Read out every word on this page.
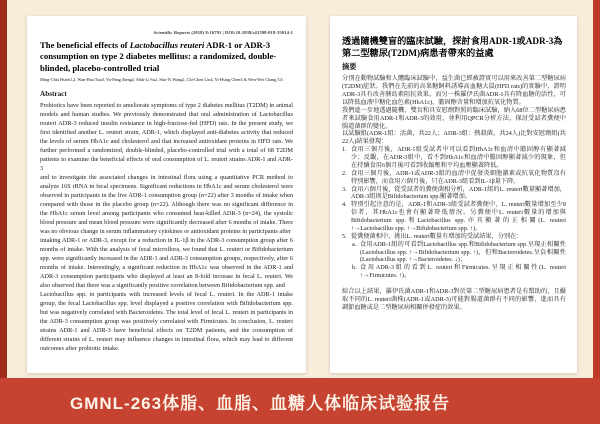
Scientific Reports (2018) 8:16791 | DOI:10.1038/s41598-018-35014-1
The beneficial effects of Lactobacillus reuteri ADR-1 or ADR-3 consumption on type 2 diabetes mellitus: a randomized, double-blinded, placebo-controlled trial
Ming-Chia Hsieh1,2, Wan-Hua Tsai3, Yu-Pang Jheng2, Shih-Li Su2, Shu-Yi Wang2, Chi-Chen Lin4, Yi-Hsing Chen3 & Wen-Wei Chang 5,6
Abstract

Probiotics have been reported to ameliorate symptoms of type 2 diabetes mellitus (T2DM) in animal models and human studies. We previously demonstrated that oral administration of Lactobacillus reuteri ADR-3 reduced insulin resistance in high-fructose-fed (HFD) rats. In the present study, we first identified another L. reuteri strain, ADR-1, which displayed anti-diabetes activity that reduced the levels of serum HbA1c and cholesterol and that increased antioxidant proteins in HFD rats. We further performed a randomized, double-blinded, placebo-controlled trial with a total of 68 T2DM patients to examine the beneficial effects of oral consumption of L. reuteri strains ADR-1 and ADR-3

and to investigate the associated changes in intestinal flora using a quantitative PCR method to analyze 16S rRNA in fecal specimens. Significant reductions in HbA1c and serum cholesterol were observed in participants in the live ADR-1 consumption group (n=22) after 3 months of intake when compared with those in the placebo group (n=22). Although there was no significant difference in the HbA1c serum level among participants who consumed heat-killed ADR-3 (n=24), the systolic blood pressure and mean blood pressure were significantly decreased after 6 months of intake. There was no obvious change in serum inflammatory cytokines or antioxidant proteins in participants after

intaking ADR-1 or ADR-3, except for a reduction in IL-1β in the ADR-3 consumption group after 6 months of intake. With the analysis of fecal microflora, we found that L. reuteri or Bifidobacterium spp. were significantly increased in the ADR-1 and ADR-3 consumption groups, respectively, after 6 months of intake. Interestingly, a significant reduction in HbA1c was observed in the ADR-1 and ADR-3 consumption participants who displayed at least an 8-fold increase in fecal L. reuteri. We also observed that there was a significantly positive correlation between Bifidobacterium spp. and

Lactobacillus spp. in participants with increased levels of fecal L. reuteri. In the ADR-1 intake group, the fecal Lactobacillus spp. level displayed a positive correlation with Bifidobacterium spp. but was negatively correlated with Bacteroidetes. The total level of fecal L. reuteri in participants in the ADR-3 consumption group was positively correlated with Firmicutes. In conclusion, L. reuteri strains ADR-1 and ADR-3 have beneficial effects on T2DM patients, and the consumption of different strains of L. reuteri may influence changes in intestinal flora, which may lead to different outcomes after probiotic intake.

透過隨機雙盲的臨床試驗，探討食用ADR-1或ADR-3為第二型糖尿(T2DM)病患者帶來的益處
摘要

分別在動物試驗和人體臨床試驗中，益生菌已經被證實可以用來改善第二型糖尿病(T2DM)症狀。我們在先前的高果糖飼料誘導高血糖大鼠(HFD rats)的實驗中，證明ADR-3具有改善胰島素阻抗效果。而另一株羅伊氏菌ADR-1具有降血糖的活性，可以降低血液中糖化血色素(HbA1c)、膽固醇含量和增加抗氧化物質。

我們進一步地透過隨機、雙盲和具安慰劑對照的臨床試驗，納入68位二型糖尿病患者來試驗食用ADR-1和ADR-3的效用，並利用QPCR分析方法，探討受試者糞便中腸道菌群的變化。

以試驗組(ADR-1組：活菌，共22人；ADR-3組：熱殺菌，共24人)比對安慰劑組(共22人)結果發現：

1. 食用三個月後，ADR-1組受試者中可以看到HbA1c和血清中膽固醇有顯著減少；反觀，在ADR-3組中，看不到HbA1c和血清中膽固醇顯著減少的現象，但在持續食用6個月後可看到收縮壓和平均血壓顯著降低。
2. 食用三個月後，ADR-1或ADR-3組的血清中促發炎細胞激素或抗氧化物質沒有特別影響，而食用六個月後，只在ADR-3組看到IL-1β量下降。
3. 食用六個月後，從受試者的糞便菌相分析，ADR-1組的L. reuteri數量顯著增加，ADR-3組則是Bifidobacterium spp.顯著增加。
4. 特別引起注意的是，ADR-1和ADR-3組受試者糞便中，L. reuteri數量增加至少8倍者，其HbA1c也會有顯著降低情況。另糞便中L. reuteri數量的增加與Bifidobacterium spp.和Lactobacillus spp.亦具顯著的正相關(L. reuteri ↑→Lactobacillus spp. ↑→Bifidobacterium spp. ↑)。
5. 從糞便菌相中，挑出L. reuteri數量有增加的受試結果，分別在：
a. 食用ADR-1組的可看到Lactobacillus spp.和Bifidobacterium spp.呈現正相關性(Lactobacillus spp. ↑→Bifidobacterium spp. ↑)，但和Bacteroidetes.呈負相關性(Lactobacillus spp. ↑→Bacteroidetes. ↓)；
b. 食用ADR-3組的看到L. reuteri和Firmicutes.呈現正相關性(L. reuteri ↑→Firmicutes. ↑)。

綜合以上結果，羅伊氏菌ADR-1和ADR-3對於第二型糖尿病患者是有幫助的，且攝取不同的L. reuteri菌株(ADR-1或ADR-3)可能對腸道菌群有不同的影響，進而具有調節血糖或是二型糖尿病相關併發症的效果。

GMNL-263体脂、血脂、血糖人体临床试验报告
